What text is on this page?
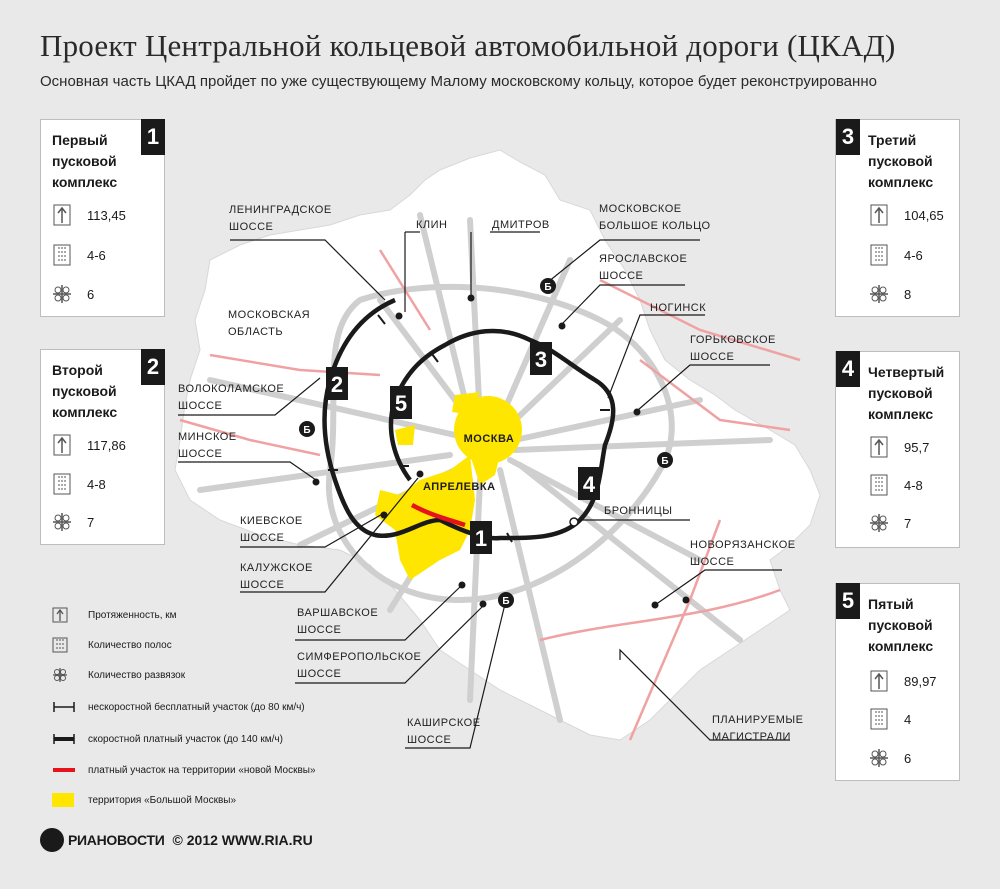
Проект Центральной кольцевой автомобильной дороги (ЦКАД)
Основная часть ЦКАД пройдет по уже существующему Малому московскому кольцу, которое будет реконструированно
1
2
3
4
5
Б
Б
Б
Б
ЛЕНИНГРАДСКОЕ
ШОССЕ	КЛИН	ДМИТРОВ
МОСКОВСКОЕ
БОЛЬШОЕ КОЛЬЦО
ЯРОСЛАВСКОЕ
ШОССЕ
НОГИНСК
ГОРЬКОВСКОЕ
ШОССЕ
МОСКОВСКАЯ
ОБЛАСТЬ
ВОЛОКОЛАМСКОЕ
ШОССЕ
МИНСКОЕ
ШОССЕ
КИЕВСКОЕ
ШОССЕ
КАЛУЖСКОЕ
ШОССЕ
ВАРШАВСКОЕ
ШОССЕ
СИМФЕРОПОЛЬСКОЕ
ШОССЕ
КАШИРСКОЕ
ШОССЕ
БРОННИЦЫ
НОВОРЯЗАНСКОЕ
ШОССЕ
ПЛАНИРУЕМЫЕ
МАГИСТРАЛИ
МОСКВА
АПРЕЛЕВКА
1
Первый
пусковой
комплекс
113,45
4-6
6
2
Второй
пусковой
комплекс
117,86
4-8
7
3 Третий
пусковой
комплекс
104,65
4-6
8
4 Четвертый
пусковой
комплекс
95,7
4-8
7
5 Пятый
пусковой
комплекс
89,97
4
6
Протяженность, км
Количество полос
Количество развязок
нескоростной бесплатный участок (до 80 км/ч)
скоростной платный участок (до 140 км/ч)
платный участок на территории «новой Москвы»
территория «Большой Москвы»
РИАНОВОСТИ © 2012 WWW.RIA.RU
